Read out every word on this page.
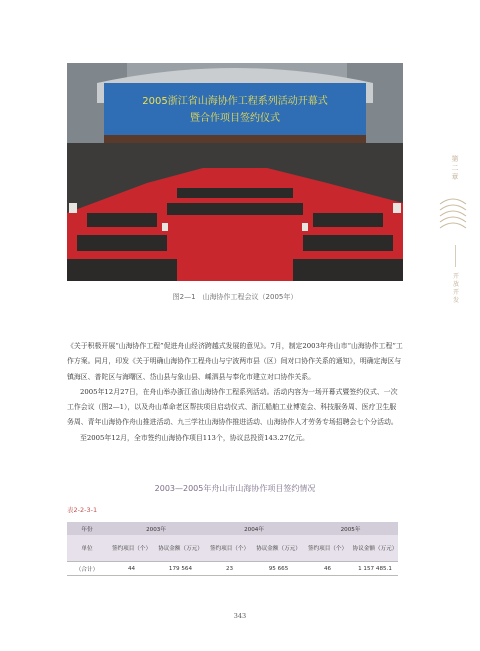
2005浙江省山海协作工程系列活动开幕式
暨合作项目签约仪式
图2—1　山海协作工程会议（2005年）
第二章
开放开发

《关于积极开展“山海协作工程”促进舟山经济跨越式发展的意见》。7月，制定2003年舟山市“山海协作工程”工作方案。同月，印发《关于明确山海协作工程舟山与宁波两市县（区）间对口协作关系的通知》，明确定海区与镇海区、普陀区与海曙区、岱山县与象山县、嵊泗县与奉化市建立对口协作关系。

2005年12月27日，在舟山举办浙江省山海协作工程系列活动。活动内容为一场开幕式暨签约仪式、一次工作会议（图2—1），以及舟山革命老区帮扶项目启动仪式、浙江船舶工业博览会、科技服务周、医疗卫生服务周、青年山海协作舟山推进活动、九三学社山海协作推进活动、山海协作人才劳务专场招聘会七个分活动。

至2005年12月，全市签约山海协作项目113个，协议总投资143.27亿元。

2003—2005年舟山市山海协作项目签约情况
表2-2-3-1
年份	2003年		2004年		2005年	
单位	签约项目（个）	协议金额（万元）	签约项目（个）	协议金额（万元）	签约项目（个）	协议金额（万元）
（合计）	44	179 564	23	95 665	46	1 157 485.1
343
